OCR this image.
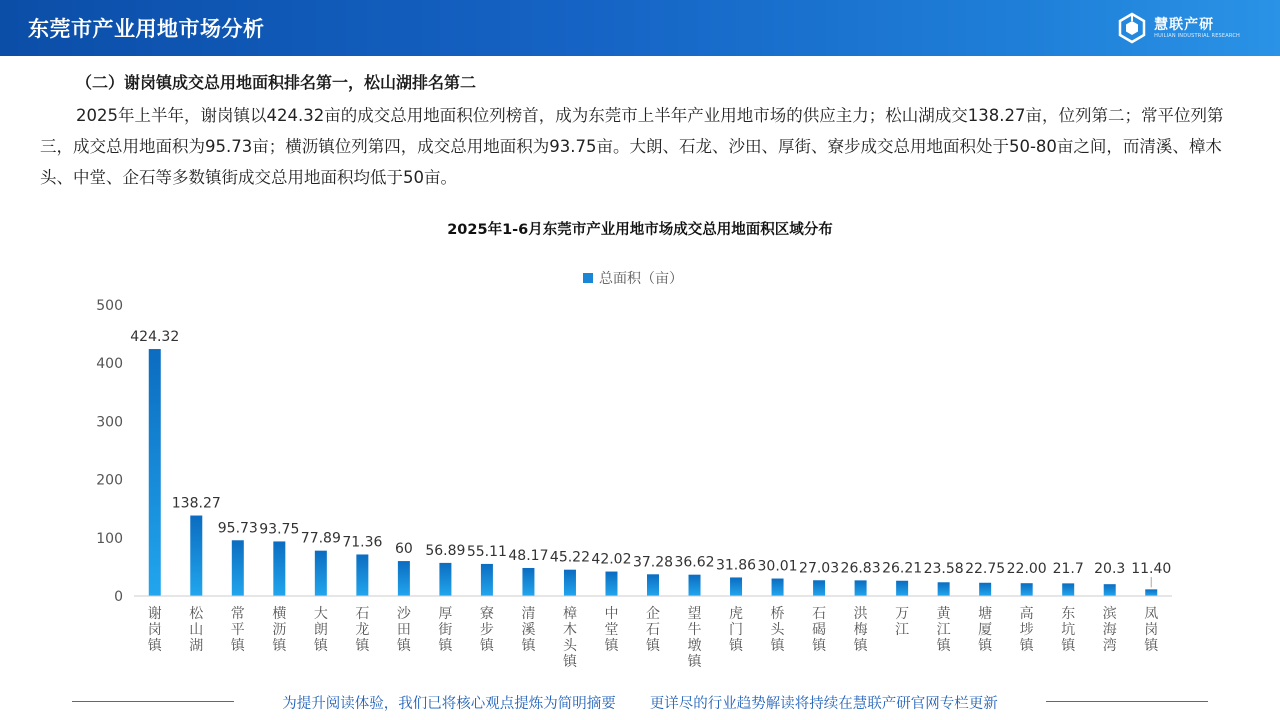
东莞市产业用地市场分析	慧联产研
HUILIAN INDUSTRIAL RESEARCH
（二）谢岗镇成交总用地面积排名第一，松山湖排名第二
2025年上半年，谢岗镇以424.32亩的成交总用地面积位列榜首，成为东莞市上半年产业用地市场的供应主力；松山湖成交138.27亩，位列第二；常平位列第三，成交总用地面积为95.73亩；横沥镇位列第四，成交总用地面积为93.75亩。大朗、石龙、沙田、厚街、寮步成交总用地面积处于50-80亩之间，而清溪、樟木头、中堂、企石等多数镇街成交总用地面积均低于50亩。
2025年1-6月东莞市产业用地市场成交总用地面积区域分布
总面积（亩）
0
100
200
300
400
500
424.32
138.27
95.73 93.75
77.89 71.36 60 56.89 55.11 48.17 45.22 42.02 37.28 36.62 31.86 30.01 27.03 26.83 26.21 23.58 22.75 22.00 21.7 20.3 11.40
谢
岗
镇
松
山
湖
常
平
镇
横
沥
镇
大
朗
镇
石
龙
镇
沙
田
镇
厚
街
镇
寮
步
镇
清
溪
镇
樟
木
头
镇
中
堂
镇
企
石
镇
望
牛
墩
镇
虎
门
镇
桥
头
镇
石
碣
镇
洪
梅
镇
万
江
黄
江
镇
塘
厦
镇
高
埗
镇
东
坑
镇
滨
海
湾
凤
岗
镇
为提升阅读体验，我们已将核心观点提炼为简明摘要 更详尽的行业趋势解读将持续在慧联产研官网专栏更新
